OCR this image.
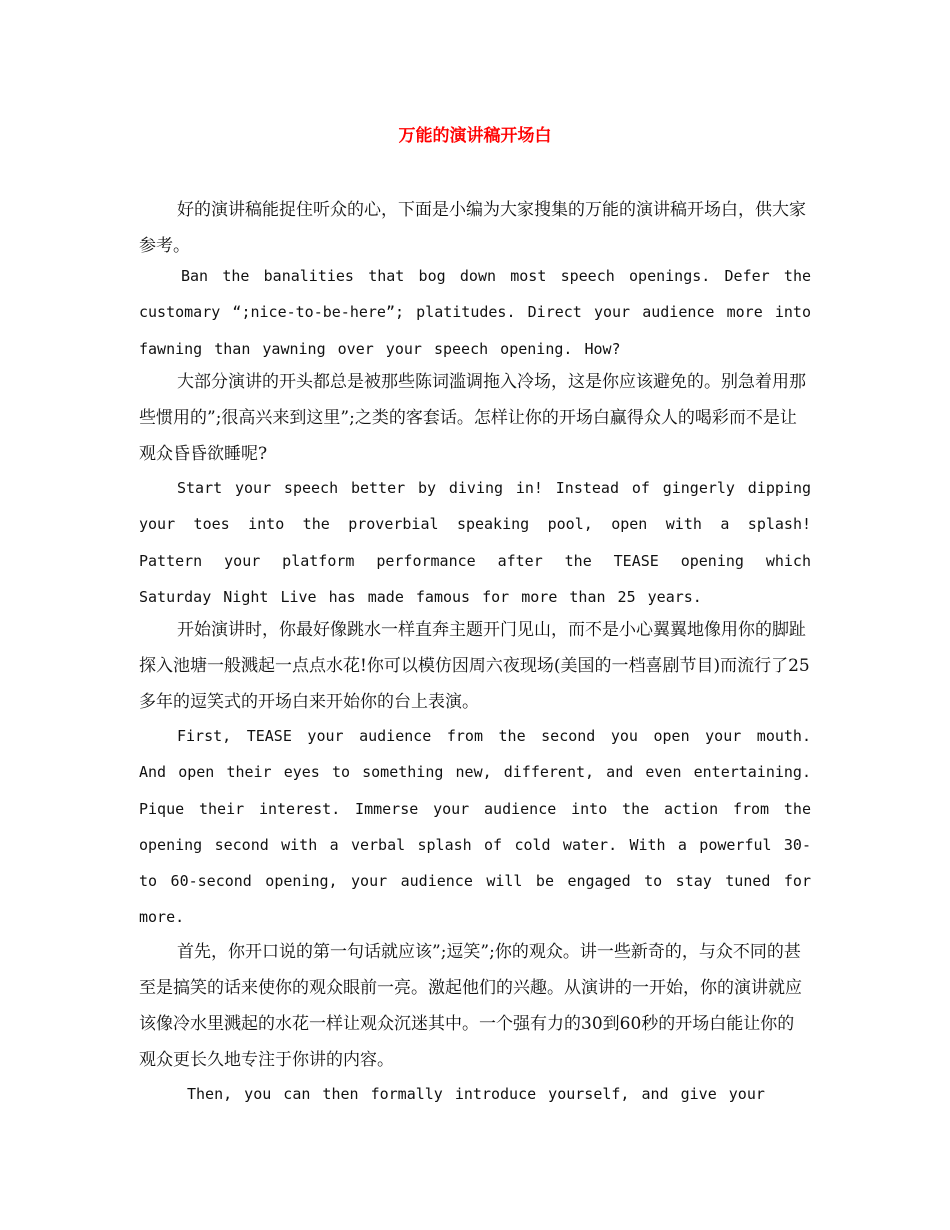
万能的演讲稿开场白
好的演讲稿能捉住听众的心，下面是小编为大家搜集的万能的演讲稿开场白，供大家参考。
Ban the banalities that bog down most speech openings. Defer the customary “;nice-to-be-here”; platitudes. Direct your audience more into fawning than yawning over your speech opening. How?
大部分演讲的开头都总是被那些陈词滥调拖入冷场，这是你应该避免的。别急着用那些惯用的”;很高兴来到这里”;之类的客套话。怎样让你的开场白赢得众人的喝彩而不是让观众昏昏欲睡呢?
Start your speech better by diving in! Instead of gingerly dipping your toes into the proverbial speaking pool, open with a splash! Pattern your platform performance after the TEASE opening which Saturday Night Live has made famous for more than 25 years.
开始演讲时，你最好像跳水一样直奔主题开门见山，而不是小心翼翼地像用你的脚趾探入池塘一般溅起一点点水花!你可以模仿因周六夜现场(美国的一档喜剧节目)而流行了25多年的逗笑式的开场白来开始你的台上表演。
First, TEASE your audience from the second you open your mouth. And open their eyes to something new, different, and even entertaining. Pique their interest. Immerse your audience into the action from the opening second with a verbal splash of cold water. With a powerful 30-to 60-second opening, your audience will be engaged to stay tuned for more.
首先，你开口说的第一句话就应该”;逗笑”;你的观众。讲一些新奇的，与众不同的甚至是搞笑的话来使你的观众眼前一亮。激起他们的兴趣。从演讲的一开始，你的演讲就应该像冷水里溅起的水花一样让观众沉迷其中。一个强有力的30到60秒的开场白能让你的观众更长久地专注于你讲的内容。
Then, you can then formally introduce yourself, and give your
